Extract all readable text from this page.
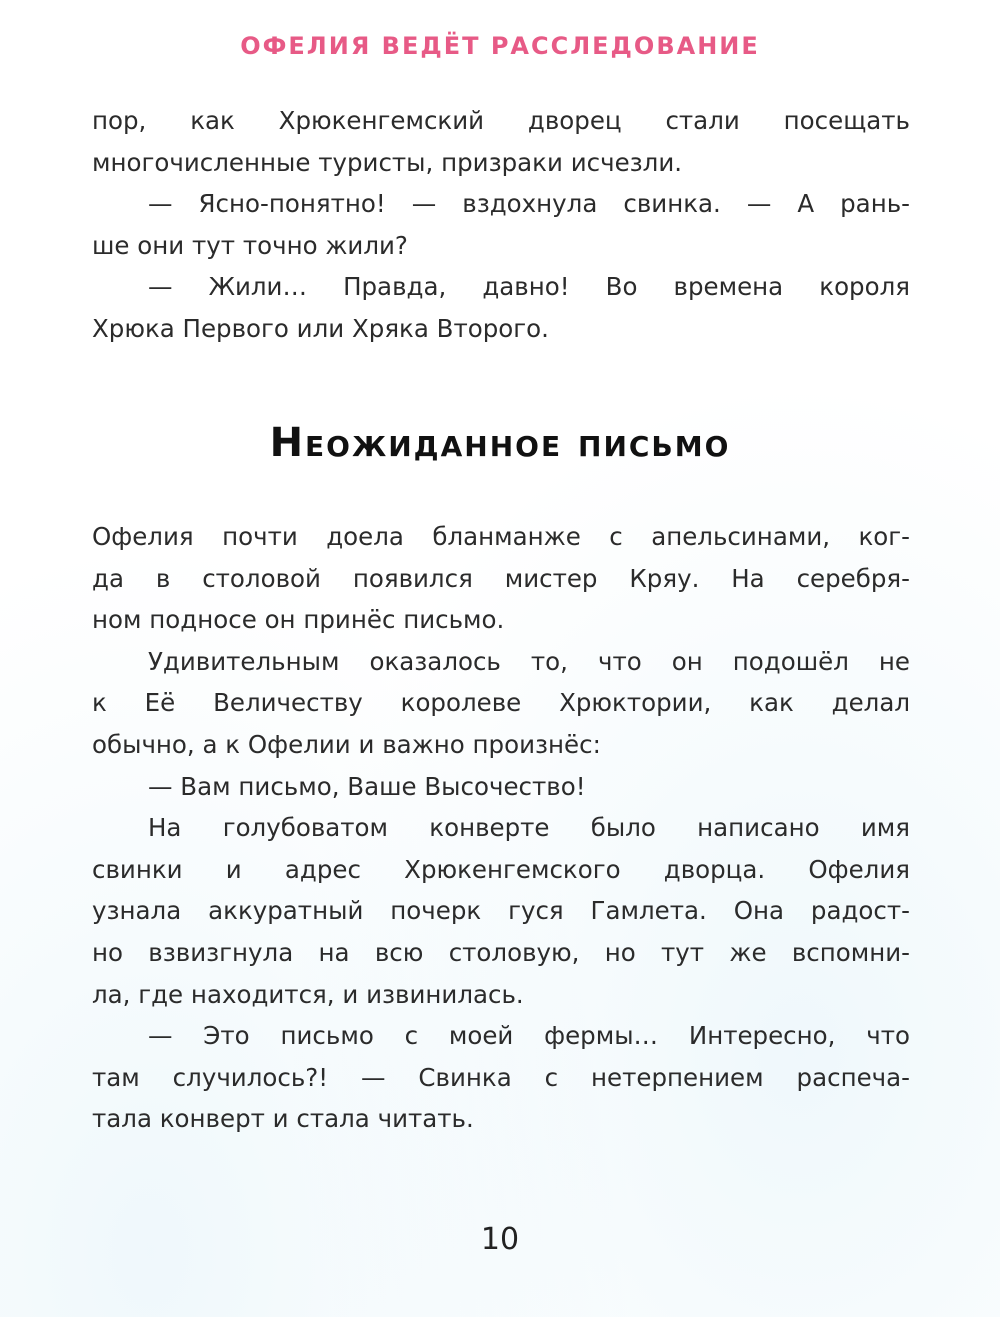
ОФЕЛИЯ ВЕДЁТ РАССЛЕДОВАНИЕ
пор, как Хрюкенгемский дворец стали посещать
многочисленные туристы, призраки исчезли.
— Ясно-понятно! — вздохнула свинка. — А рань-
ше они тут точно жили?
— Жили… Правда, давно! Во времена короля
Хрюка Первого или Хряка Второго.
Неожиданное письмо
Офелия почти доела бланманже с апельсинами, ког-
да в столовой появился мистер Кряу. На серебря-
ном подносе он принёс письмо.
Удивительным оказалось то, что он подошёл не
к Её Величеству королеве Хрюктории, как делал
обычно, а к Офелии и важно произнёс:
— Вам письмо, Ваше Высочество!
На голубоватом конверте было написано имя
свинки и адрес Хрюкенгемского дворца. Офелия
узнала аккуратный почерк гуся Гамлета. Она радост-
но взвизгнула на всю столовую, но тут же вспомни-
ла, где находится, и извинилась.
— Это письмо с моей фермы… Интересно, что
там случилось?! — Свинка с нетерпением распеча-
тала конверт и стала читать.
10
